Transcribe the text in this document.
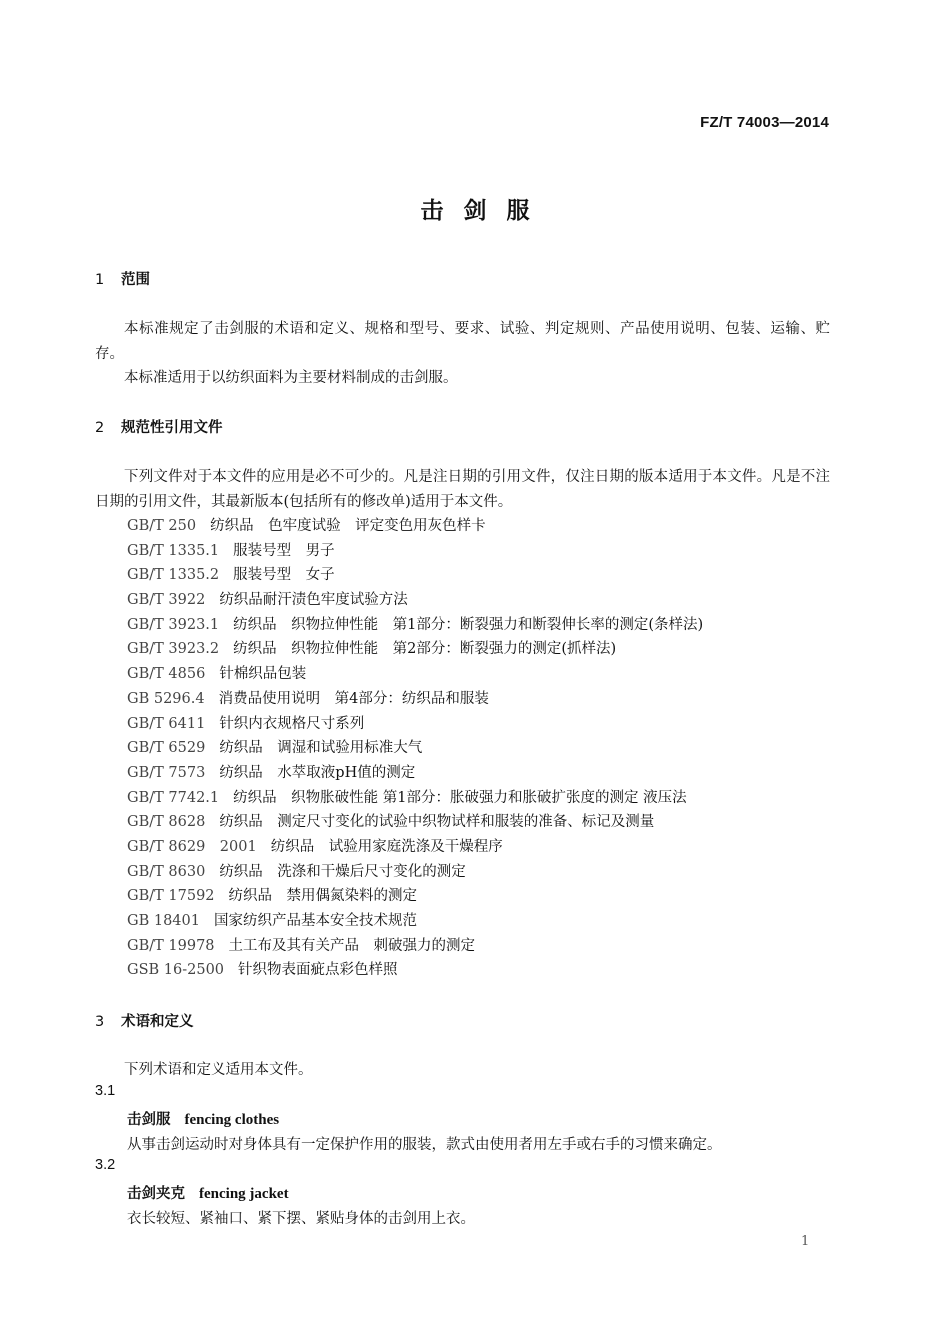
FZ/T 74003—2014
击剑服
1 范围
本标准规定了击剑服的术语和定义、规格和型号、要求、试验、判定规则、产品使用说明、包装、运输、贮存。
本标准适用于以纺织面料为主要材料制成的击剑服。
2 规范性引用文件
下列文件对于本文件的应用是必不可少的。凡是注日期的引用文件，仅注日期的版本适用于本文件。凡是不注日期的引用文件，其最新版本(包括所有的修改单)适用于本文件。
GB/T 250 纺织品　色牢度试验　评定变色用灰色样卡
GB/T 1335.1 服装号型　男子
GB/T 1335.2 服装号型　女子
GB/T 3922 纺织品耐汗渍色牢度试验方法
GB/T 3923.1 纺织品　织物拉伸性能　第1部分：断裂强力和断裂伸长率的测定(条样法)
GB/T 3923.2 纺织品　织物拉伸性能　第2部分：断裂强力的测定(抓样法)
GB/T 4856 针棉织品包装
GB 5296.4 消费品使用说明　第4部分：纺织品和服装
GB/T 6411 针织内衣规格尺寸系列
GB/T 6529 纺织品　调湿和试验用标准大气
GB/T 7573 纺织品　水萃取液pH值的测定
GB/T 7742.1 纺织品　织物胀破性能 第1部分：胀破强力和胀破扩张度的测定 液压法
GB/T 8628 纺织品　测定尺寸变化的试验中织物试样和服装的准备、标记及测量
GB/T 8629　2001 纺织品　试验用家庭洗涤及干燥程序
GB/T 8630 纺织品　洗涤和干燥后尺寸变化的测定
GB/T 17592 纺织品　禁用偶氮染料的测定
GB 18401 国家纺织产品基本安全技术规范
GB/T 19978 土工布及其有关产品　刺破强力的测定
GSB 16-2500 针织物表面疵点彩色样照
3 术语和定义
下列术语和定义适用本文件。
3.1
击剑服 fencing clothes
从事击剑运动时对身体具有一定保护作用的服装，款式由使用者用左手或右手的习惯来确定。
3.2
击剑夹克 fencing jacket
衣长较短、紧袖口、紧下摆、紧贴身体的击剑用上衣。
1
